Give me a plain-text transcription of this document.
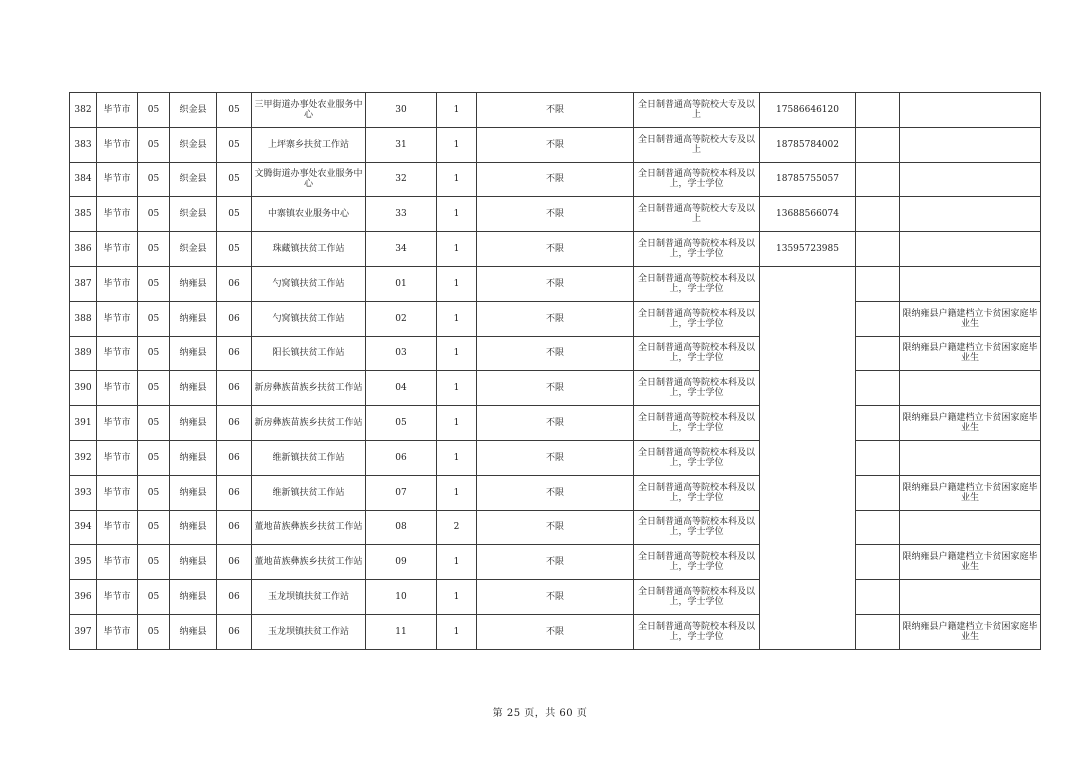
382	毕节市	05	织金县	05	三甲街道办事处农业服务中心	30	1	不限	全日制普通高等院校大专及以上	17586646120		
383	毕节市	05	织金县	05	上坪寨乡扶贫工作站	31	1	不限	全日制普通高等院校大专及以上	18785784002		
384	毕节市	05	织金县	05	文腾街道办事处农业服务中心	32	1	不限	全日制普通高等院校本科及以上，学士学位	18785755057		
385	毕节市	05	织金县	05	中寨镇农业服务中心	33	1	不限	全日制普通高等院校大专及以上	13688566074		
386	毕节市	05	织金县	05	珠藏镇扶贫工作站	34	1	不限	全日制普通高等院校本科及以上，学士学位	13595723985		
387	毕节市	05	纳雍县	06	勺窝镇扶贫工作站	01	1	不限	全日制普通高等院校本科及以上，学士学位			
388	毕节市	05	纳雍县	06	勺窝镇扶贫工作站	02	1	不限	全日制普通高等院校本科及以上，学士学位			限纳雍县户籍建档立卡贫困家庭毕业生
389	毕节市	05	纳雍县	06	阳长镇扶贫工作站	03	1	不限	全日制普通高等院校本科及以上，学士学位			限纳雍县户籍建档立卡贫困家庭毕业生
390	毕节市	05	纳雍县	06	新房彝族苗族乡扶贫工作站	04	1	不限	全日制普通高等院校本科及以上，学士学位			
391	毕节市	05	纳雍县	06	新房彝族苗族乡扶贫工作站	05	1	不限	全日制普通高等院校本科及以上，学士学位			限纳雍县户籍建档立卡贫困家庭毕业生
392	毕节市	05	纳雍县	06	维新镇扶贫工作站	06	1	不限	全日制普通高等院校本科及以上，学士学位			
393	毕节市	05	纳雍县	06	维新镇扶贫工作站	07	1	不限	全日制普通高等院校本科及以上，学士学位			限纳雍县户籍建档立卡贫困家庭毕业生
394	毕节市	05	纳雍县	06	董地苗族彝族乡扶贫工作站	08	2	不限	全日制普通高等院校本科及以上，学士学位			
395	毕节市	05	纳雍县	06	董地苗族彝族乡扶贫工作站	09	1	不限	全日制普通高等院校本科及以上，学士学位			限纳雍县户籍建档立卡贫困家庭毕业生
396	毕节市	05	纳雍县	06	玉龙坝镇扶贫工作站	10	1	不限	全日制普通高等院校本科及以上，学士学位			
397	毕节市	05	纳雍县	06	玉龙坝镇扶贫工作站	11	1	不限	全日制普通高等院校本科及以上，学士学位			限纳雍县户籍建档立卡贫困家庭毕业生
第 25 页，共 60 页
